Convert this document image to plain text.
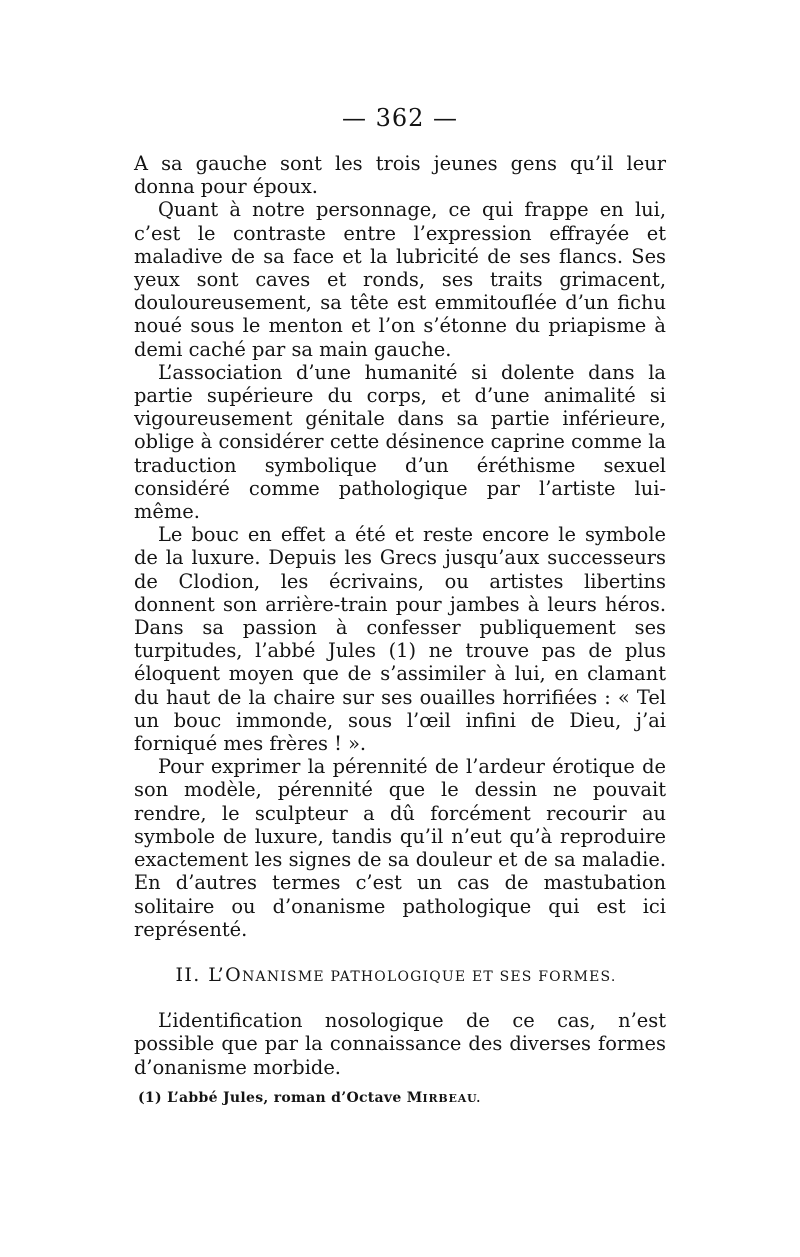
— 362 —

A sa gauche sont les trois jeunes gens qu’il leur donna pour époux.

Quant à notre personnage, ce qui frappe en lui, c’est le contraste entre l’expression effrayée et maladive de sa face et la lubricité de ses flancs. Ses yeux sont caves et ronds, ses traits grimacent, douloureusement, sa tête est emmitouflée d’un fichu noué sous le menton et l’on s’étonne du priapisme à demi caché par sa main gauche.

L’association d’une humanité si dolente dans la partie supérieure du corps, et d’une animalité si vigoureusement génitale dans sa partie inférieure, oblige à considérer cette désinence caprine comme la traduction symbolique d’un éréthisme sexuel considéré comme pathologique par l’artiste lui-même.

Le bouc en effet a été et reste encore le symbole de la luxure. Depuis les Grecs jusqu’aux successeurs de Clodion, les écrivains, ou artistes libertins donnent son arrière-train pour jambes à leurs héros. Dans sa passion à confesser publiquement ses turpitudes, l’abbé Jules (1) ne trouve pas de plus éloquent moyen que de s’assimiler à lui, en clamant du haut de la chaire sur ses ouailles horrifiées : « Tel un bouc immonde, sous l’œil infini de Dieu, j’ai forniqué mes frères ! ».

Pour exprimer la pérennité de l’ardeur érotique de son modèle, pérennité que le dessin ne pouvait rendre, le sculpteur a dû forcément recourir au symbole de luxure, tandis qu’il n’eut qu’à reproduire exactement les signes de sa douleur et de sa maladie. En d’autres termes c’est un cas de mastubation solitaire ou d’onanisme pathologique qui est ici représenté.

II. L’ONANISME PATHOLOGIQUE ET SES FORMES.

L’identification nosologique de ce cas, n’est possible que par la connaissance des diverses formes d’onanisme morbide.

(1) L’abbé Jules, roman d’Octave MIRBEAU.
